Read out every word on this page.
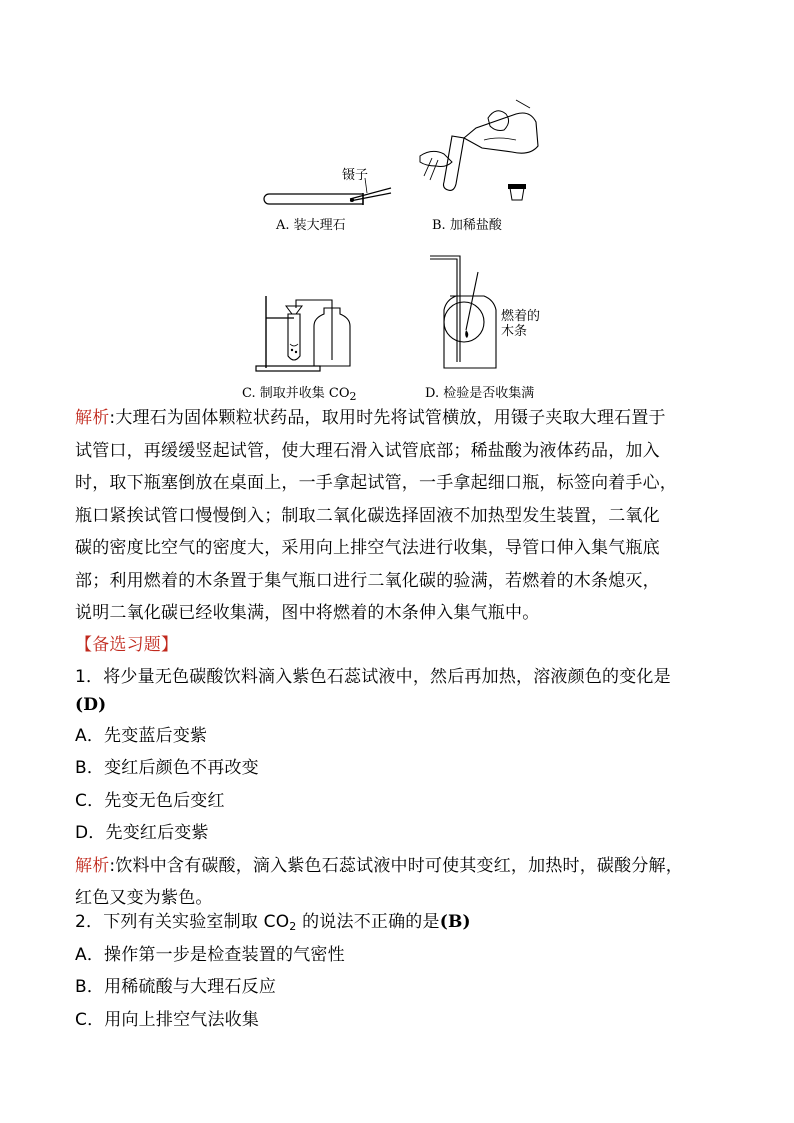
镊子
A. 装大理石	B. 加稀盐酸
C. 制取并收集 $CO_2$
燃着的
木条
D. 检验是否收集满
解析:大理石为固体颗粒状药品，取用时先将试管横放，用镊子夹取大理石置于
试管口，再缓缓竖起试管，使大理石滑入试管底部；稀盐酸为液体药品，加入
时，取下瓶塞倒放在桌面上，一手拿起试管，一手拿起细口瓶，标签向着手心，
瓶口紧挨试管口慢慢倒入；制取二氧化碳选择固液不加热型发生装置，二氧化
碳的密度比空气的密度大，采用向上排空气法进行收集，导管口伸入集气瓶底
部；利用燃着的木条置于集气瓶口进行二氧化碳的验满，若燃着的木条熄灭，
说明二氧化碳已经收集满，图中将燃着的木条伸入集气瓶中。
【备选习题】
1．将少量无色碳酸饮料滴入紫色石蕊试液中，然后再加热，溶液颜色的变化是
(D)
A．先变蓝后变紫
B．变红后颜色不再改变
C．先变无色后变红
D．先变红后变紫
解析:饮料中含有碳酸，滴入紫色石蕊试液中时可使其变红，加热时，碳酸分解，
红色又变为紫色。
2．下列有关实验室制取 $CO_2$ 的说法不正确的是(B)
A．操作第一步是检查装置的气密性
B．用稀硫酸与大理石反应
C．用向上排空气法收集
